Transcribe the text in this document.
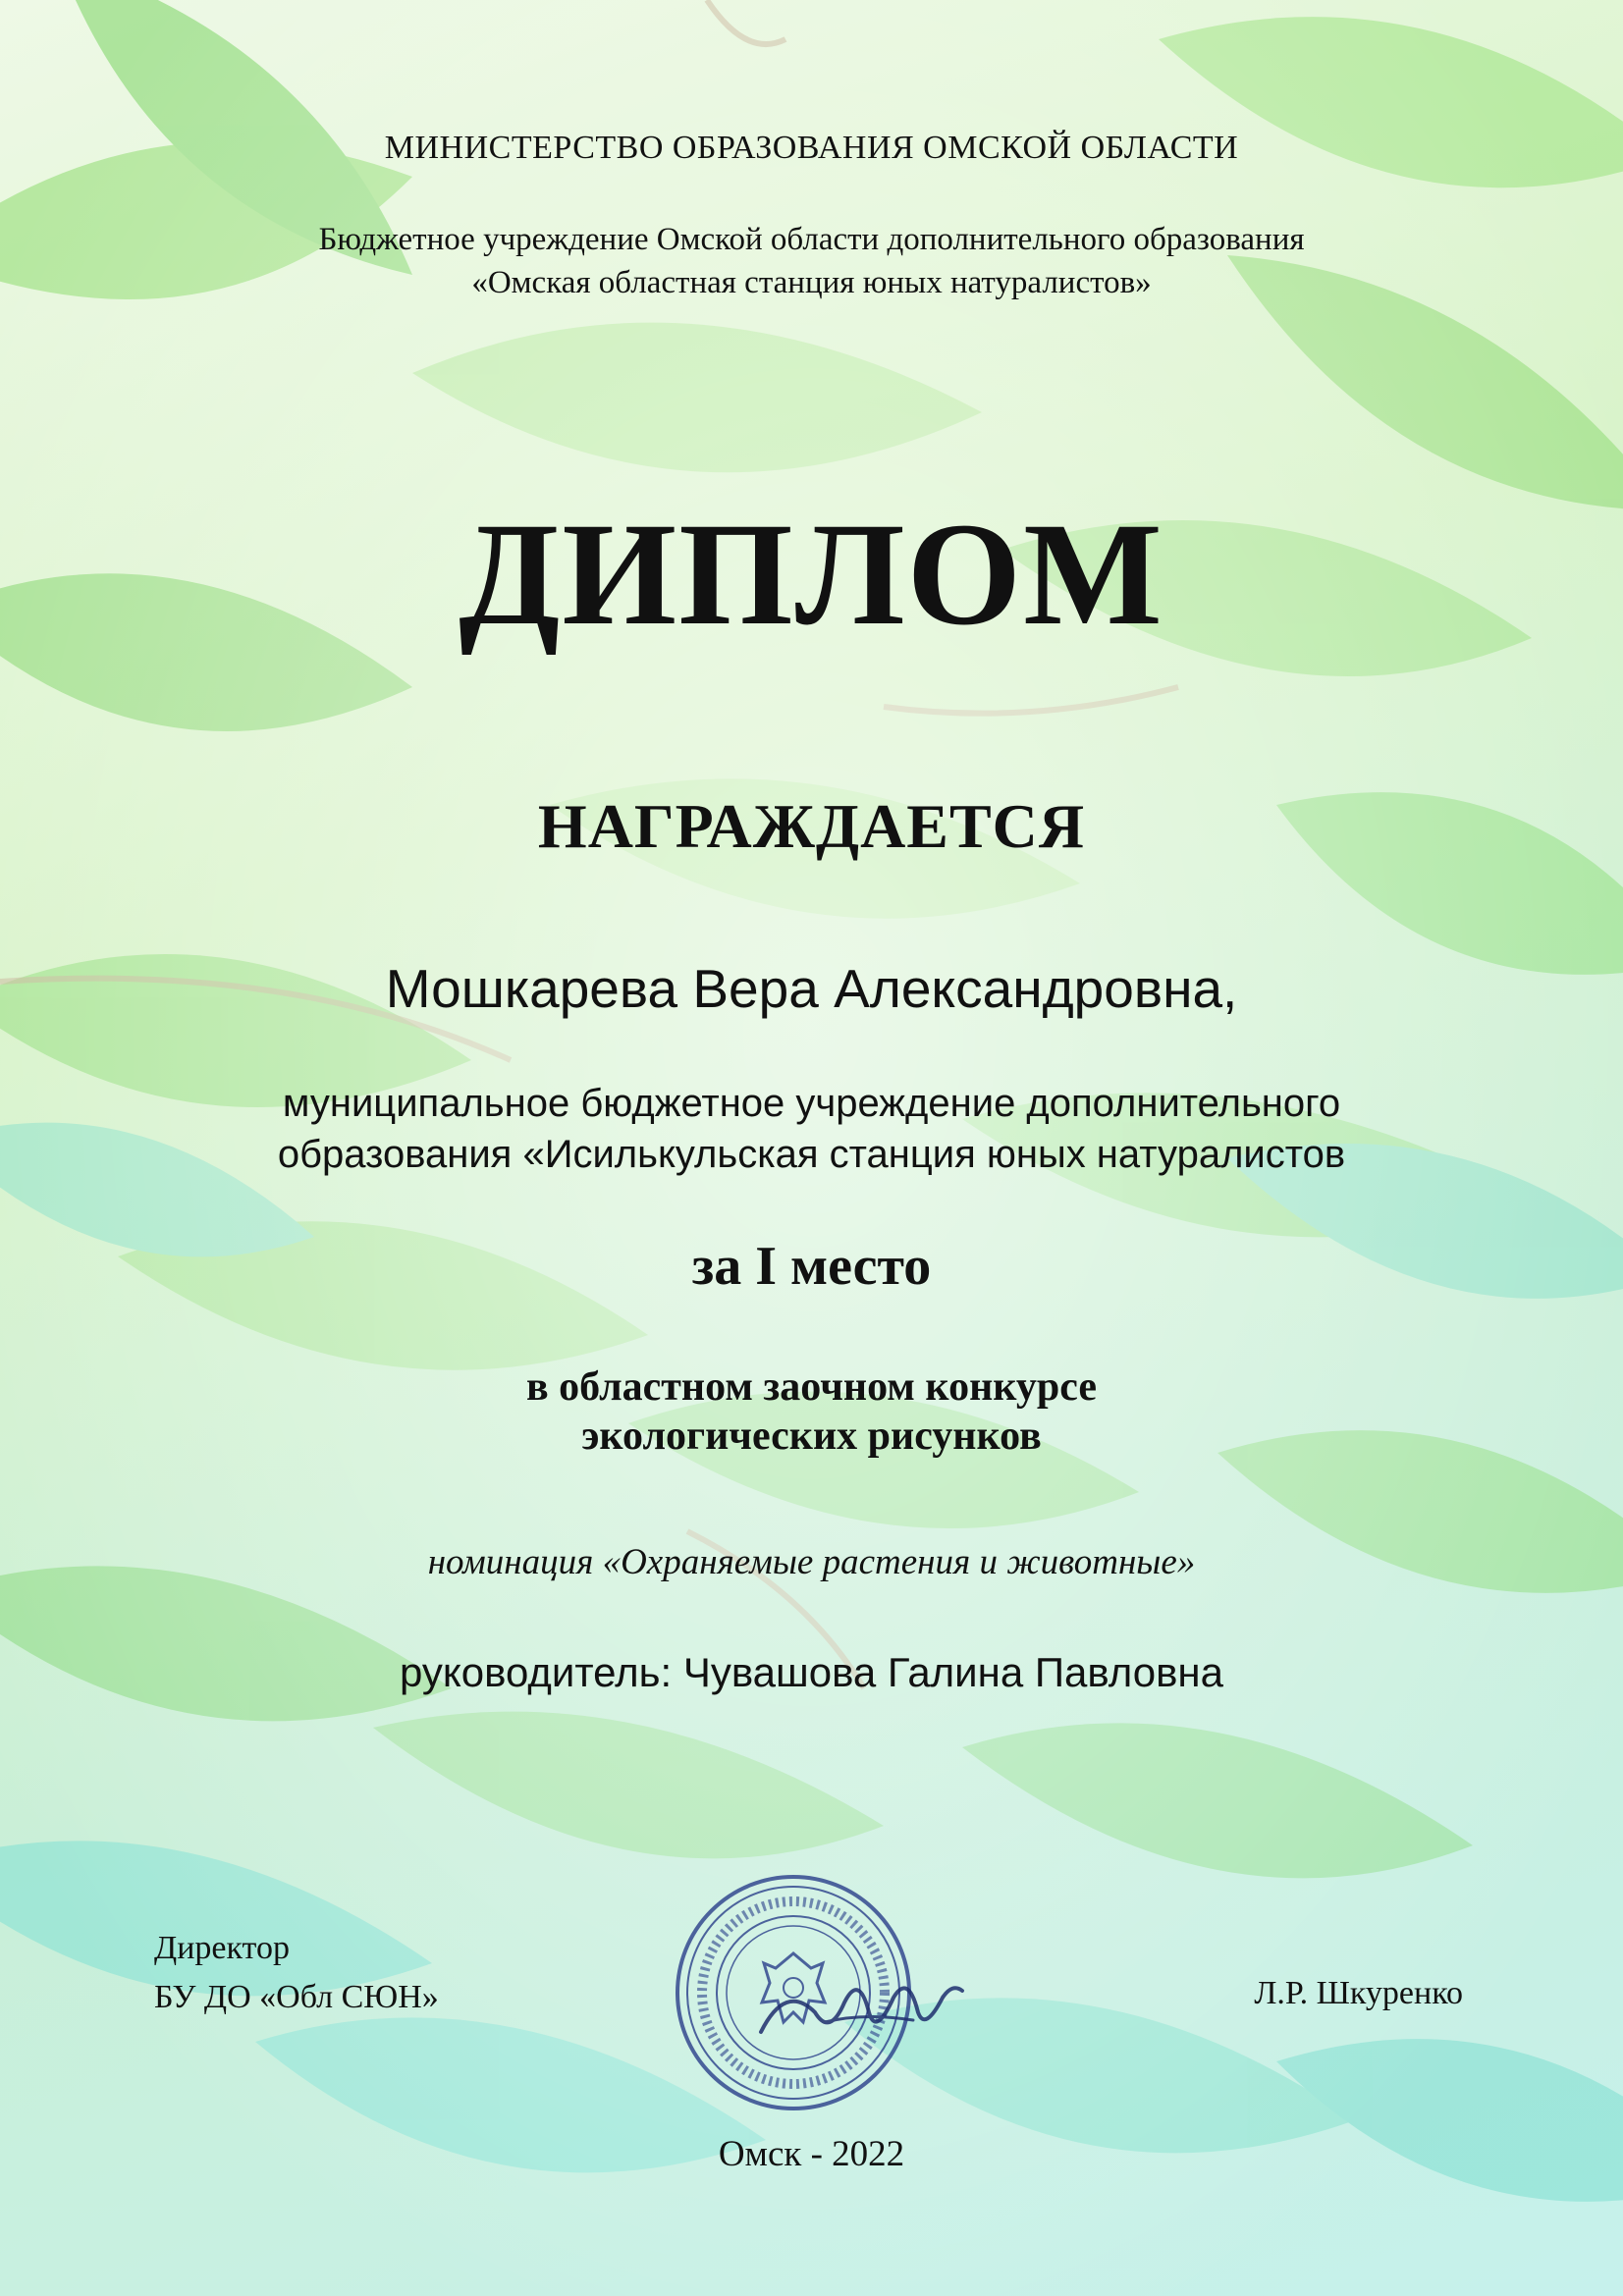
МИНИСТЕРСТВО ОБРАЗОВАНИЯ ОМСКОЙ ОБЛАСТИ
Бюджетное учреждение Омской области дополнительного образования
«Омская областная станция юных натуралистов»
ДИПЛОМ
НАГРАЖДАЕТСЯ
Мошкарева Вера Александровна,
муниципальное бюджетное учреждение дополнительного
образования «Исилькульская станция юных натуралистов
за I место
в областном заочном конкурсе
экологических рисунков
номинация «Охраняемые растения и животные»
руководитель: Чувашова Галина Павловна
Директор
БУ ДО «Обл СЮН»	Л.Р. Шкуренко
Омск - 2022
